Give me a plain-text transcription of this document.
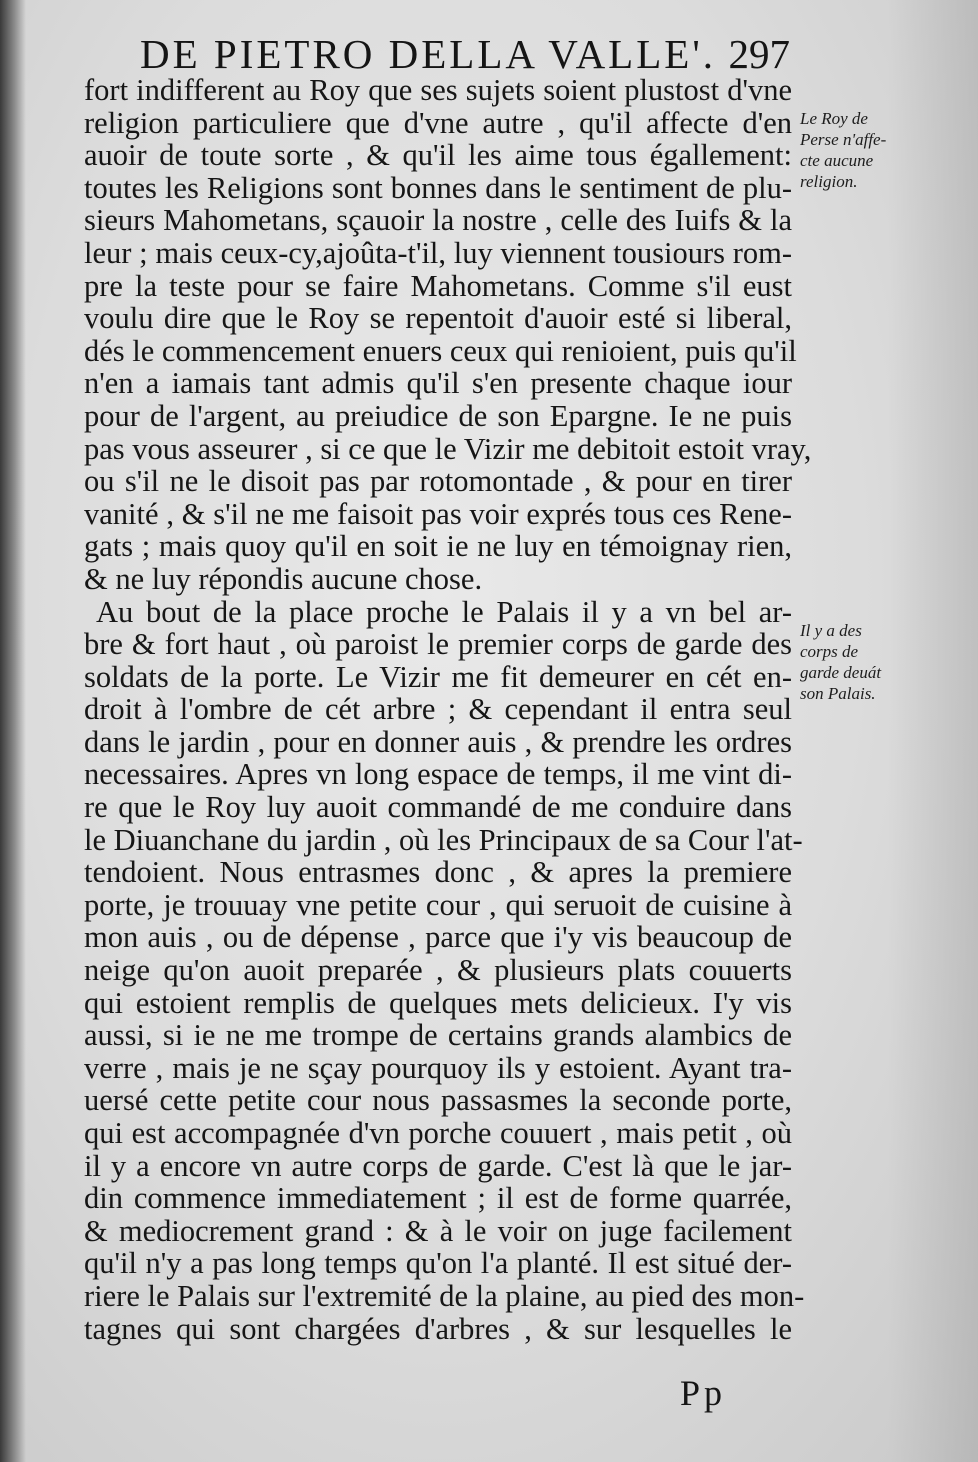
DE PIETRO DELLA VALLE'. 297
fort indifferent au Roy que ses sujets soient plustost d'vne
religion particuliere que d'vne autre , qu'il affecte d'en
auoir de toute sorte , & qu'il les aime tous égallement:
toutes les Religions sont bonnes dans le sentiment de plu-
sieurs Mahometans, sçauoir la nostre , celle des Iuifs & la
leur ; mais ceux-cy,ajoûta-t'il, luy viennent tousiours rom-
pre la teste pour se faire Mahometans. Comme s'il eust
voulu dire que le Roy se repentoit d'auoir esté si liberal,
dés le commencement enuers ceux qui renioient, puis qu'il
n'en a iamais tant admis qu'il s'en presente chaque iour
pour de l'argent, au preiudice de son Epargne. Ie ne puis
pas vous asseurer , si ce que le Vizir me debitoit estoit vray,
ou s'il ne le disoit pas par rotomontade , & pour en tirer
vanité , & s'il ne me faisoit pas voir exprés tous ces Rene-
gats ; mais quoy qu'il en soit ie ne luy en témoignay rien,
& ne luy répondis aucune chose.
Au bout de la place proche le Palais il y a vn bel ar-
bre & fort haut , où paroist le premier corps de garde des
soldats de la porte. Le Vizir me fit demeurer en cét en-
droit à l'ombre de cét arbre ; & cependant il entra seul
dans le jardin , pour en donner auis , & prendre les ordres
necessaires. Apres vn long espace de temps, il me vint di-
re que le Roy luy auoit commandé de me conduire dans
le Diuanchane du jardin , où les Principaux de sa Cour l'at-
tendoient. Nous entrasmes donc , & apres la premiere
porte, je trouuay vne petite cour , qui seruoit de cuisine à
mon auis , ou de dépense , parce que i'y vis beaucoup de
neige qu'on auoit preparée , & plusieurs plats couuerts
qui estoient remplis de quelques mets delicieux. I'y vis
aussi, si ie ne me trompe de certains grands alambics de
verre , mais je ne sçay pourquoy ils y estoient. Ayant tra-
uersé cette petite cour nous passasmes la seconde porte,
qui est accompagnée d'vn porche couuert , mais petit , où
il y a encore vn autre corps de garde. C'est là que le jar-
din commence immediatement ; il est de forme quarrée,
& mediocrement grand : & à le voir on juge facilement
qu'il n'y a pas long temps qu'on l'a planté. Il est situé der-
riere le Palais sur l'extremité de la plaine, au pied des mon-
tagnes qui sont chargées d'arbres , & sur lesquelles le
Le Roy de
Perse n'affe-
cte aucune
religion.
Il y a des
corps de
garde deuát
son Palais.
Pp
